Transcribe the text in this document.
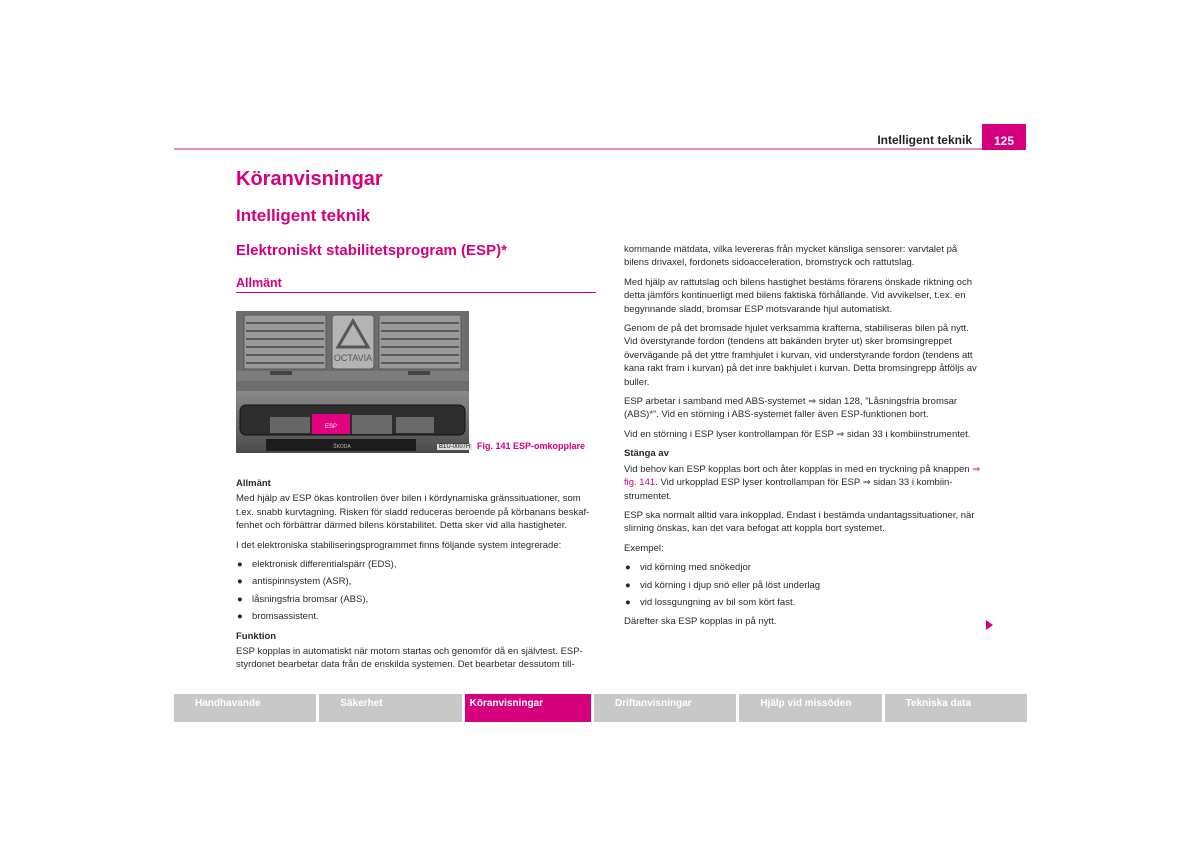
Intelligent teknik	125
Köranvisningar
Intelligent teknik
Elektroniskt stabilitetsprogram (ESP)*
Allmänt
OCTAVIA
ESP
ŠKODA	B1U-0007H Fig. 141 ESP-omkopplare

Allmänt

Med hjälp av ESP ökas kontrollen över bilen i kördynamiska gränssituationer, som t.ex. snabb kurvtagning. Risken för sladd reduceras beroende på körbanans beskaf-fenhet och förbättrar därmed bilens körstabilitet. Detta sker vid alla hastigheter.

I det elektroniska stabiliseringsprogrammet finns följande system integrerade:

● elektronisk differentialspärr (EDS),
● antispinnsystem (ASR),
● låsningsfria bromsar (ABS),
● bromsassistent.

Funktion

ESP kopplas in automatiskt när motorn startas och genomför då en självtest. ESP-styrdonet bearbetar data från de enskilda systemen. Det bearbetar dessutom till-

kommande mätdata, vilka levereras från mycket känsliga sensorer: varvtalet på bilens drivaxel, fordonets sidoacceleration, bromstryck och rattutslag.

Med hjälp av rattutslag och bilens hastighet bestäms förarens önskade riktning och detta jämförs kontinuerligt med bilens faktiska förhållande. Vid avvikelser, t.ex. en begynnande sladd, bromsar ESP motsvarande hjul automatiskt.

Genom de på det bromsade hjulet verksamma krafterna, stabiliseras bilen på nytt. Vid överstyrande fordon (tendens att bakänden bryter ut) sker bromsingreppet övervägande på det yttre framhjulet i kurvan, vid understyrande fordon (tendens att kana rakt fram i kurvan) på det inre bakhjulet i kurvan. Detta bromsingrepp åtföljs av buller.

ESP arbetar i samband med ABS-systemet ⇒ sidan 128, ”Låsningsfria bromsar (ABS)*”. Vid en störning i ABS-systemet faller även ESP-funktionen bort.

Vid en störning i ESP lyser kontrollampan för ESP ⇒ sidan 33 i kombiinstrumentet.

Stänga av

Vid behov kan ESP kopplas bort och åter kopplas in med en tryckning på knappen ⇒ fig. 141. Vid urkopplad ESP lyser kontrollampan för ESP ⇒ sidan 33 i kombiin-strumentet.

ESP ska normalt alltid vara inkopplad. Endast i bestämda undantagssituationer, när slirning önskas, kan det vara befogat att koppla bort systemet.

Exempel:

● vid körning med snökedjor
● vid körning i djup snö eller på löst underlag
● vid lossgungning av bil som kört fast.

Därefter ska ESP kopplas in på nytt.

Handhavande	Säkerhet	Köranvisningar	Driftanvisningar	Hjälp vid missöden	Tekniska data
